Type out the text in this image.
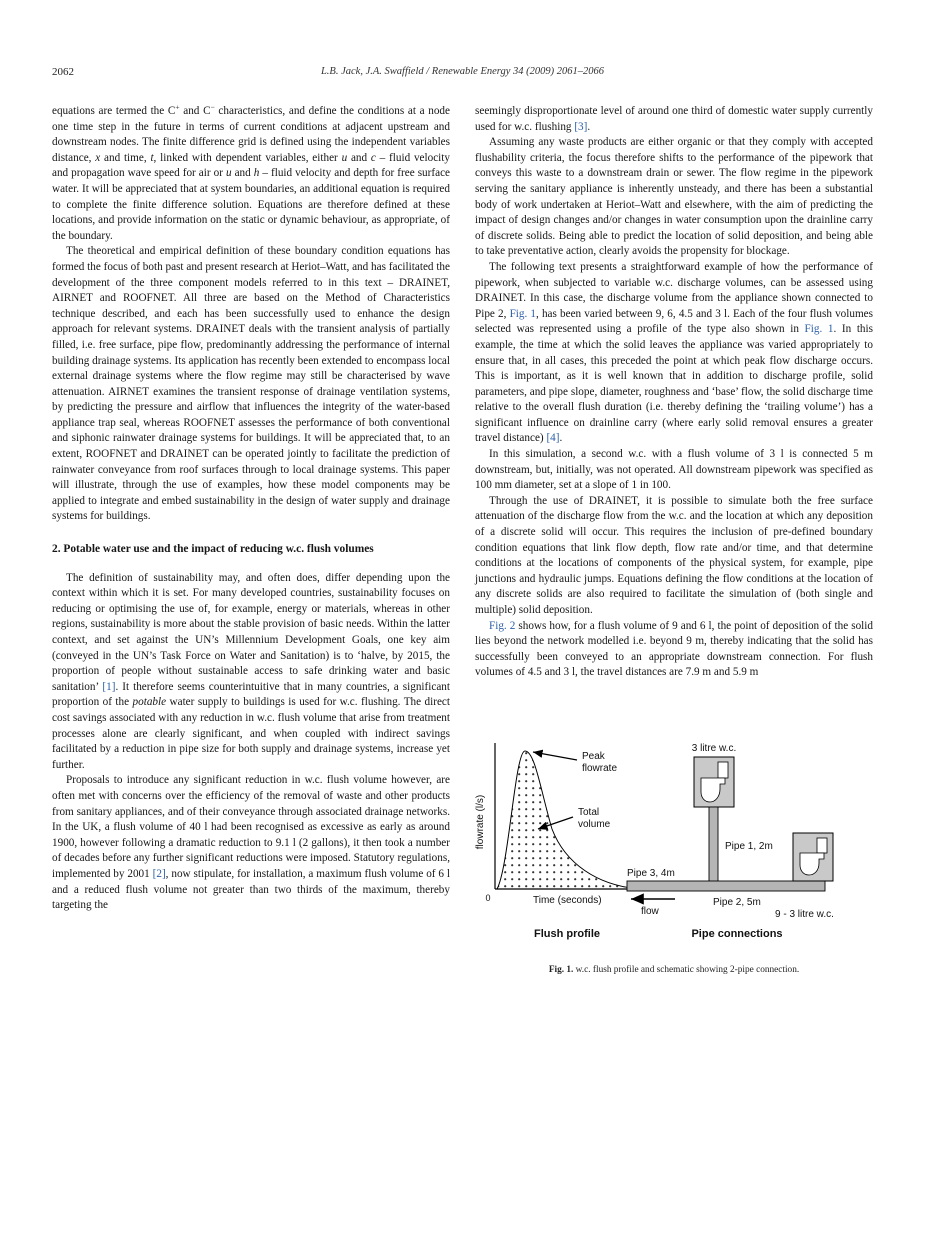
2062	L.B. Jack, J.A. Swaffield / Renewable Energy 34 (2009) 2061–2066

equations are termed the C+ and C− characteristics, and define the conditions at a node one time step in the future in terms of current conditions at adjacent upstream and downstream nodes. The finite difference grid is defined using the independent variables distance, x and time, t, linked with dependent variables, either u and c – fluid velocity and propagation wave speed for air or u and h – fluid velocity and depth for free surface water. It will be appreciated that at system boundaries, an additional equation is required to complete the finite difference solution. Equations are therefore defined at these locations, and provide information on the static or dynamic behaviour, as appropriate, of the boundary.

The theoretical and empirical definition of these boundary condition equations has formed the focus of both past and present research at Heriot–Watt, and has facilitated the development of the three component models referred to in this text – DRAINET, AIRNET and ROOFNET. All three are based on the Method of Characteristics technique described, and each has been successfully used to enhance the design approach for relevant systems. DRAINET deals with the transient analysis of partially filled, i.e. free surface, pipe flow, predominantly addressing the performance of internal building drainage systems. Its application has recently been extended to encompass local external drainage systems where the flow regime may still be characterised by wave attenuation. AIRNET examines the transient response of drainage ventilation systems, by predicting the pressure and airflow that influences the integrity of the water-based appliance trap seal, whereas ROOFNET assesses the performance of both conventional and siphonic rainwater drainage systems for buildings. It will be appreciated that, to an extent, ROOFNET and DRAINET can be operated jointly to facilitate the prediction of rainwater conveyance from roof surfaces through to local drainage systems. This paper will illustrate, through the use of examples, how these model components may be applied to integrate and embed sustainability in the design of water supply and drainage systems for buildings.

2. Potable water use and the impact of reducing w.c. flush volumes

The definition of sustainability may, and often does, differ depending upon the context within which it is set. For many developed countries, sustainability focuses on reducing or optimising the use of, for example, energy or materials, whereas in other regions, sustainability is more about the stable provision of basic needs. Within the latter context, and set against the UN’s Millennium Development Goals, one key aim (conveyed in the UN’s Task Force on Water and Sanitation) is to ‘halve, by 2015, the proportion of people without sustainable access to safe drinking water and basic sanitation’ [1]. It therefore seems counterintuitive that in many countries, a significant proportion of the potable water supply to buildings is used for w.c. flushing. The direct cost savings associated with any reduction in w.c. flush volume that arise from treatment processes alone are clearly significant, and when coupled with indirect savings facilitated by a reduction in pipe size for both supply and drainage systems, increase yet further.

Proposals to introduce any significant reduction in w.c. flush volume however, are often met with concerns over the efficiency of the removal of waste and other products from sanitary appliances, and of their conveyance through associated drainage networks. In the UK, a flush volume of 40 l had been recognised as excessive as early as around 1900, however following a dramatic reduction to 9.1 l (2 gallons), it then took a number of decades before any further significant reductions were imposed. Statutory regulations, implemented by 2001 [2], now stipulate, for installation, a maximum flush volume of 6 l and a reduced flush volume not greater than two thirds of the maximum, thereby targeting the

seemingly disproportionate level of around one third of domestic water supply currently used for w.c. flushing [3].

Assuming any waste products are either organic or that they comply with accepted flushability criteria, the focus therefore shifts to the performance of the pipework that conveys this waste to a downstream drain or sewer. The flow regime in the pipework serving the sanitary appliance is inherently unsteady, and there has been a substantial body of work undertaken at Heriot–Watt and elsewhere, with the aim of predicting the impact of design changes and/or changes in water consumption upon the drainline carry of discrete solids. Being able to predict the location of solid deposition, and being able to take preventative action, clearly avoids the propensity for blockage.

The following text presents a straightforward example of how the performance of pipework, when subjected to variable w.c. discharge volumes, can be assessed using DRAINET. In this case, the discharge volume from the appliance shown connected to Pipe 2, Fig. 1, has been varied between 9, 6, 4.5 and 3 l. Each of the four flush volumes selected was represented using a profile of the type also shown in Fig. 1. In this example, the time at which the solid leaves the appliance was varied appropriately to ensure that, in all cases, this preceded the point at which peak flow discharge occurs. This is important, as it is well known that in addition to discharge profile, solid parameters, and pipe slope, diameter, roughness and ‘base’ flow, the solid discharge time relative to the overall flush duration (i.e. thereby defining the ‘trailing volume’) has a significant influence on drainline carry (where early solid removal ensures a greater travel distance) [4].

In this simulation, a second w.c. with a flush volume of 3 l is connected 5 m downstream, but, initially, was not operated. All downstream pipework was specified as 100 mm diameter, set at a slope of 1 in 100.

Through the use of DRAINET, it is possible to simulate both the free surface attenuation of the discharge flow from the w.c. and the location at which any deposition of a discrete solid will occur. This requires the inclusion of pre-defined boundary condition equations that link flow depth, flow rate and/or time, and that determine conditions at the locations of components of the physical system, for example, pipe junctions and hydraulic jumps. Equations defining the flow conditions at the location of any discrete solids are also required to facilitate the simulation of (both single and multiple) solid deposition.

Fig. 2 shows how, for a flush volume of 9 and 6 l, the point of deposition of the solid lies beyond the network modelled i.e. beyond 9 m, thereby indicating that the solid has successfully been conveyed to an appropriate downstream connection. For flush volumes of 4.5 and 3 l, the travel distances are 7.9 m and 5.9 m

flowrate (l/s)
0	Time (seconds)
Peak
flowrate
Total
volume
Flush profile
3 litre w.c.
Pipe 1, 2m
Pipe 3, 4m
Pipe 2, 5m
flow	9 - 3 litre w.c.
Pipe connections
Fig. 1. w.c. flush profile and schematic showing 2-pipe connection.
